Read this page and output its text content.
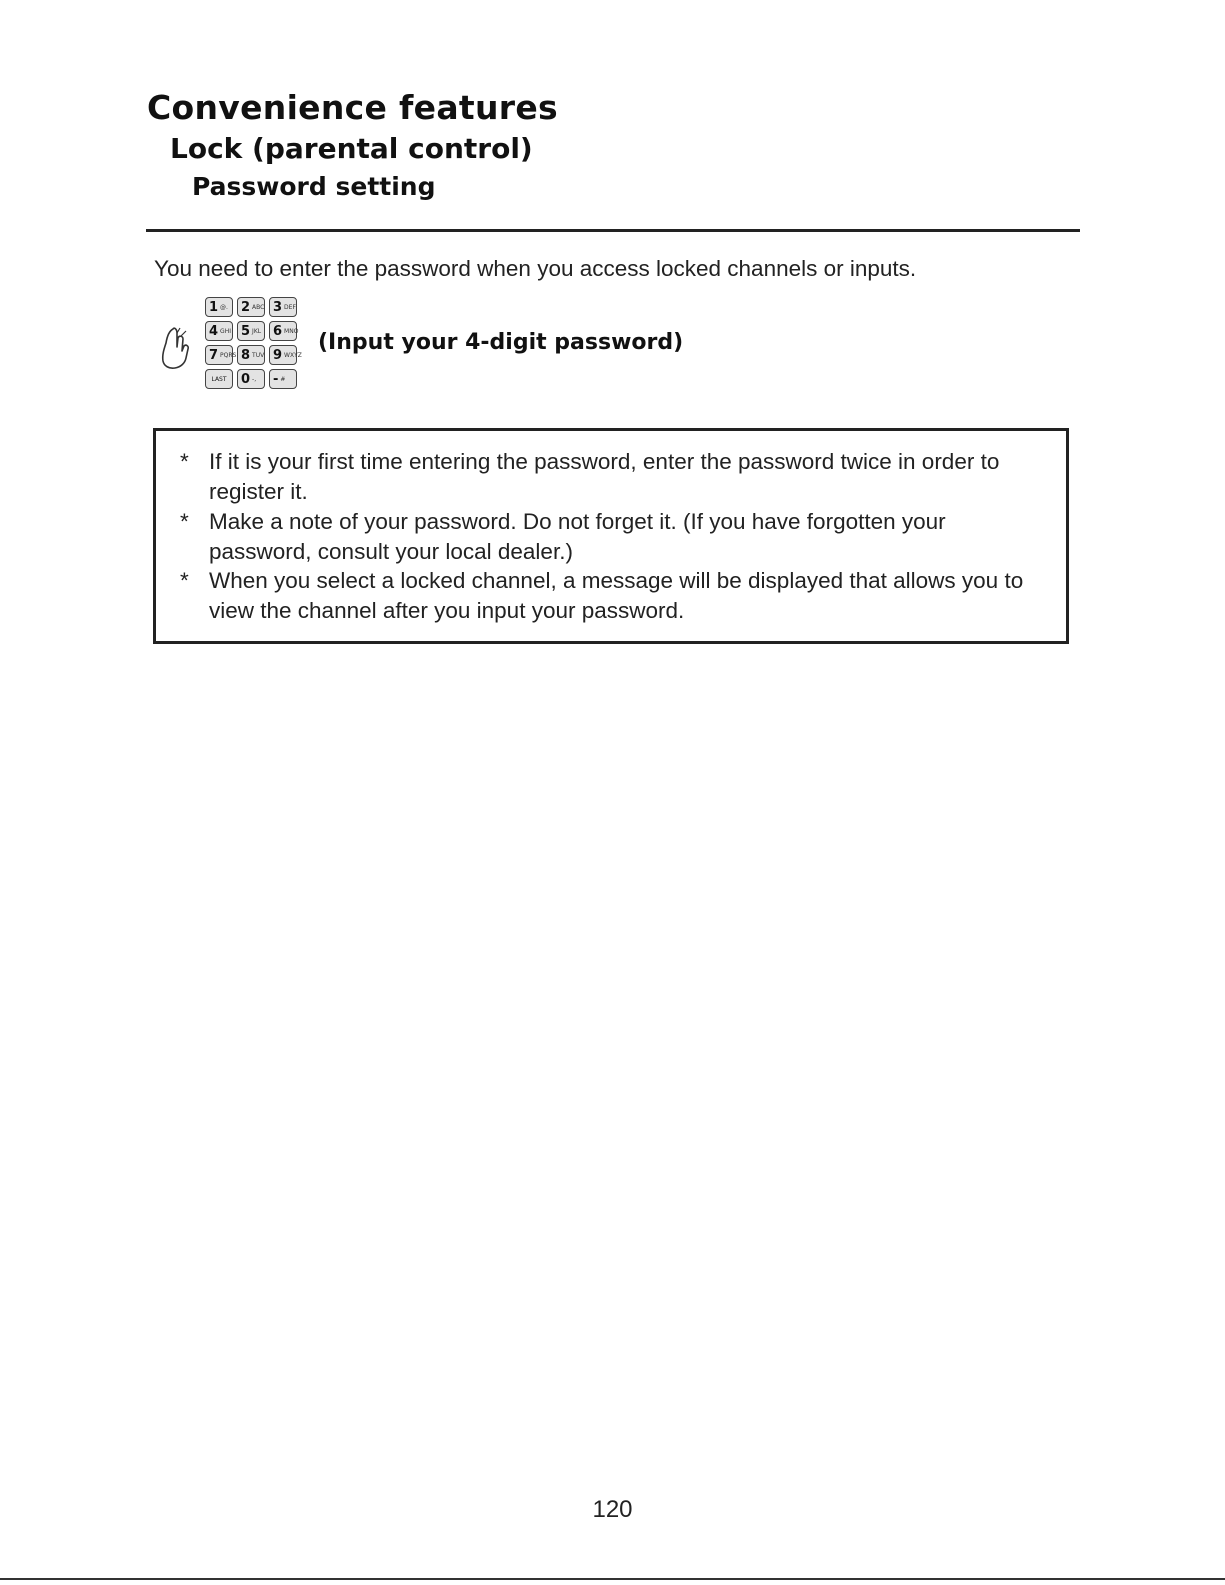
Convenience features
Lock (parental control)
Password setting
You need to enter the password when you access locked channels or inputs.
1 @. 2 ABC 3 DEF
4 GHI 5 JKL 6 MNO
7 PQRS 8 TUV 9 WXYZ
LAST 0 -, - #
(Input your 4-digit password)
* If it is your first time entering the password, enter the password twice in order to register it.
* Make a note of your password. Do not forget it. (If you have forgotten your password, consult your local dealer.)
* When you select a locked channel, a message will be displayed that allows you to view the channel after you input your password.
120
